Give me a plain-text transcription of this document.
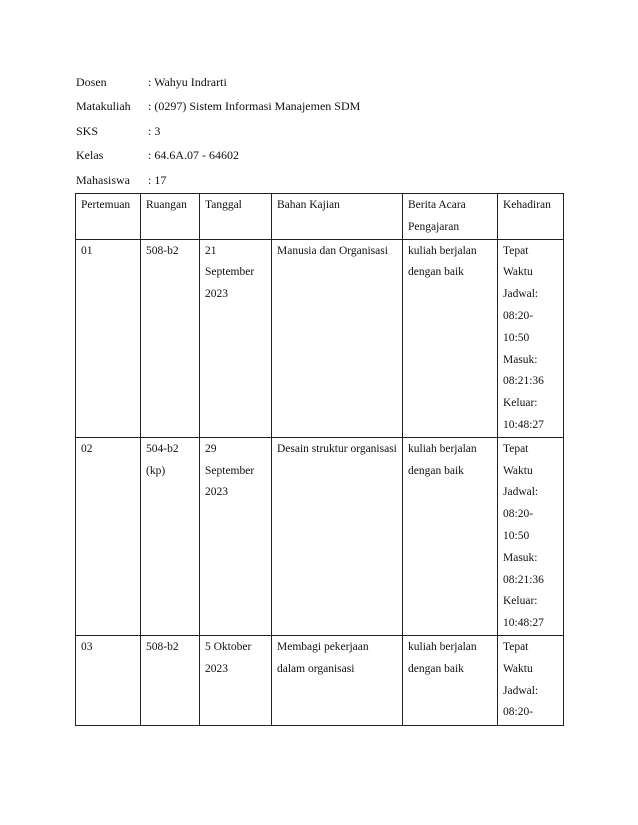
Dosen	: Wahyu Indrarti
Matakuliah	: (0297) Sistem Informasi Manajemen SDM
SKS	: 3
Kelas	: 64.6A.07 - 64602
Mahasiswa	: 17
Pertemuan	Ruangan	Tanggal	Bahan Kajian	Berita Acara Pengajaran	Kehadiran
01	508-b2	21 September 2023	Manusia dan Organisasi	kuliah berjalan dengan baik	Tepat Waktu Jadwal: 08:20-10:50 Masuk: 08:21:36 Keluar: 10:48:27
02	504-b2 (kp)	29 September 2023	Desain struktur organisasi	kuliah berjalan dengan baik	Tepat Waktu Jadwal: 08:20-10:50 Masuk: 08:21:36 Keluar: 10:48:27

03	508-b2	5 Oktober 2023	Membagi pekerjaan dalam organisasi	kuliah berjalan dengan baik	Tepat Waktu Jadwal: 08:20-
